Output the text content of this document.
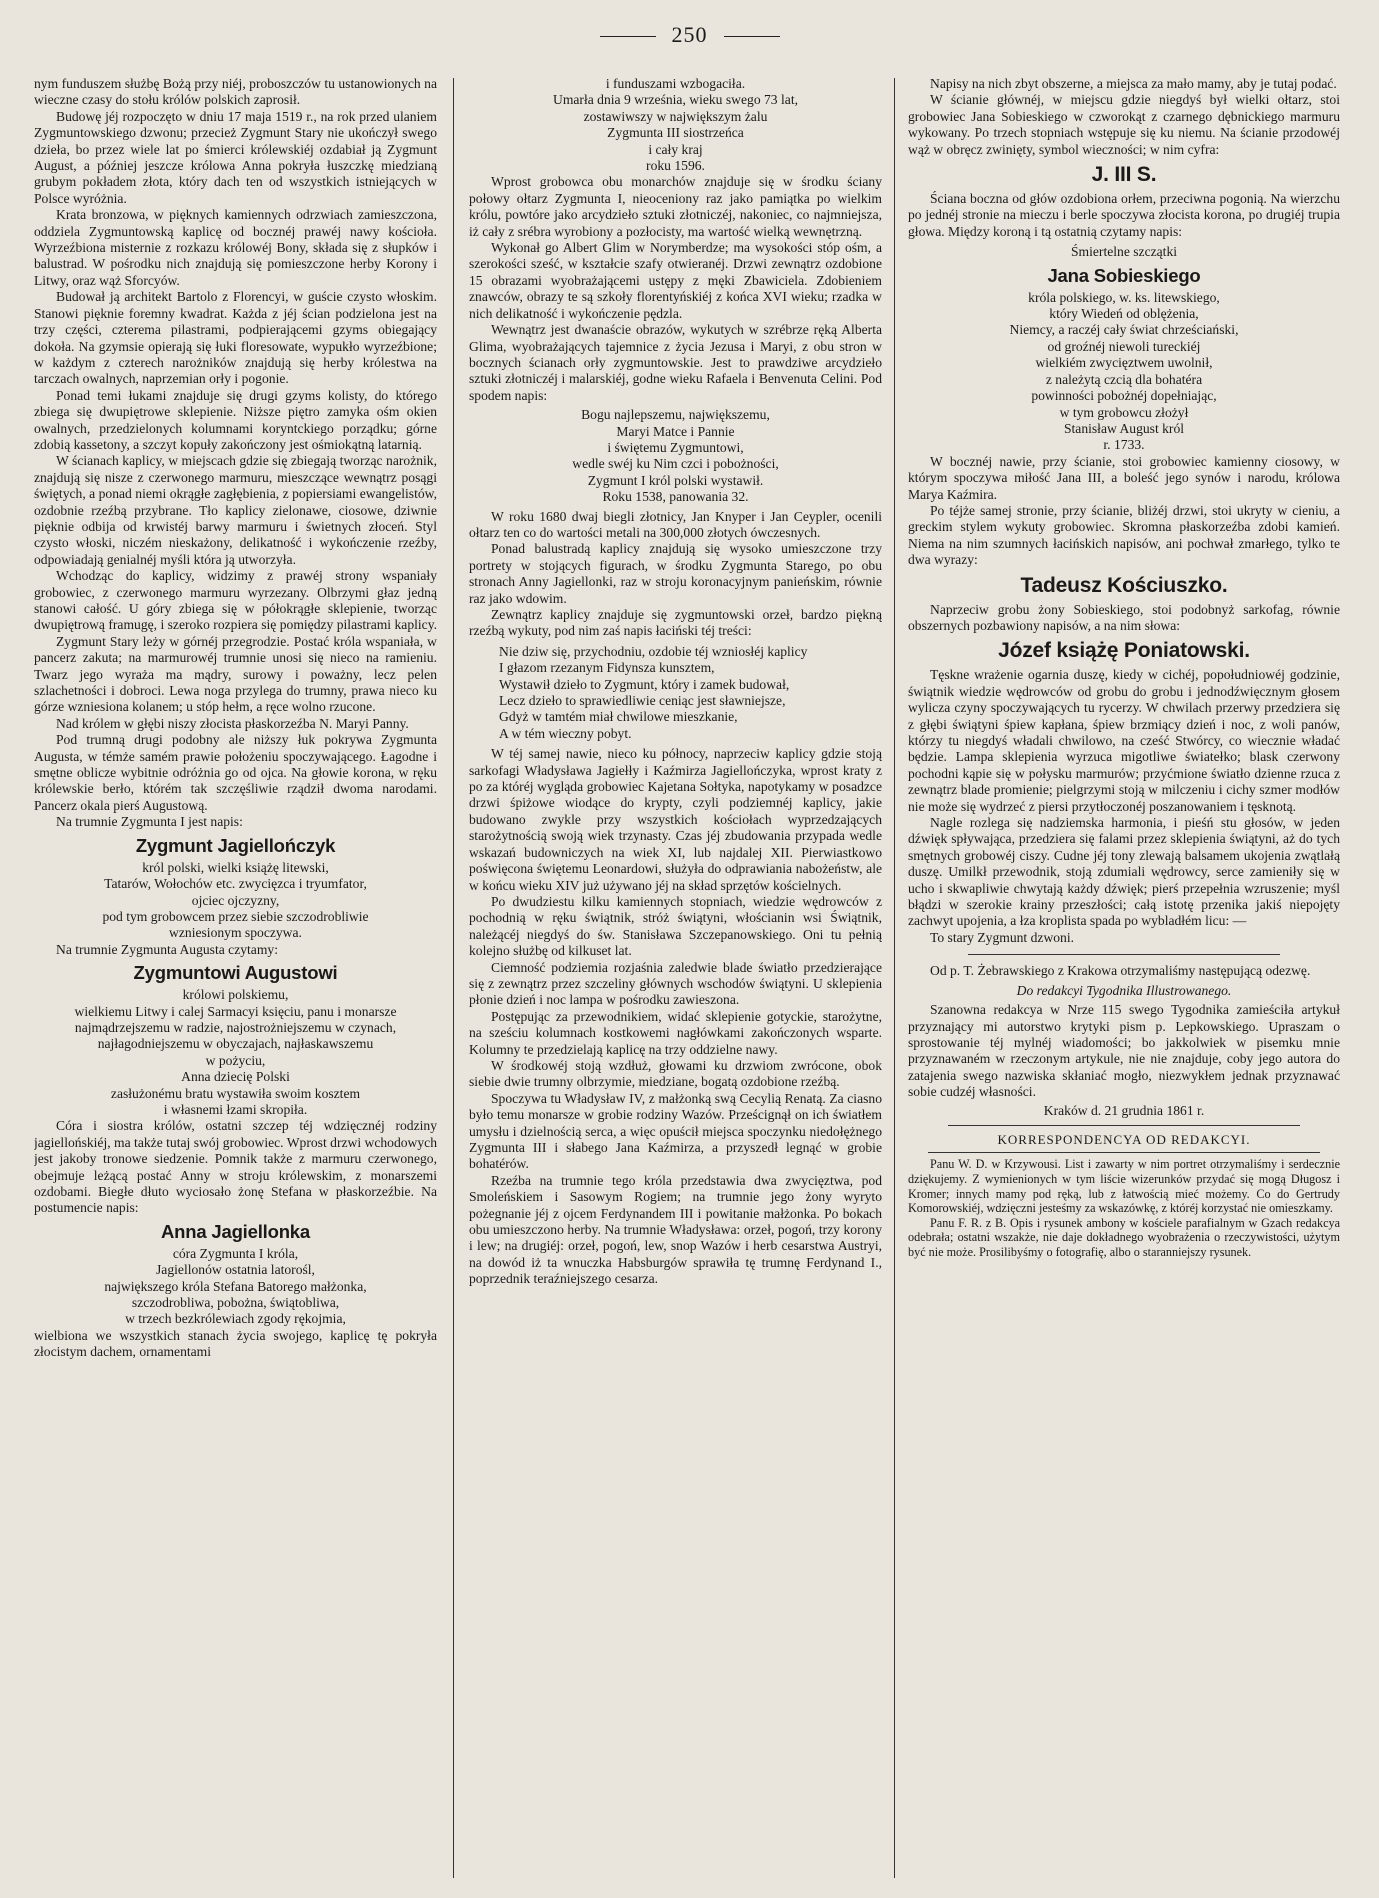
250

nym funduszem służbę Bożą przy niéj, proboszczów tu ustanowionych na wieczne czasy do stołu królów polskich zaprosił.

Budowę jéj rozpoczęto w dniu 17 maja 1519 r., na rok przed ulaniem Zygmuntowskiego dzwonu; przecież Zygmunt Stary nie ukończył swego dzieła, bo przez wiele lat po śmierci królewskiéj ozdabiał ją Zygmunt August, a później jeszcze królowa Anna pokryła łuszczkę miedzianą grubym pokładem złota, który dach ten od wszystkich istniejących w Polsce wyróżnia.

Krata bronzowa, w pięknych kamiennych odrzwiach zamieszczona, oddziela Zygmuntowską kaplicę od bocznéj prawéj nawy kościoła. Wyrzeźbiona misternie z rozkazu królowéj Bony, składa się z słupków i balustrad. W pośrodku nich znajdują się pomieszczone herby Korony i Litwy, oraz wąż Sforcyów.

Budował ją architekt Bartolo z Florencyi, w guście czysto włoskim. Stanowi pięknie foremny kwadrat. Każda z jéj ścian podzielona jest na trzy części, czterema pilastrami, podpierającemi gzyms obiegający dokoła. Na gzymsie opierają się łuki floresowate, wypukło wyrzeźbione; w każdym z czterech narożników znajdują się herby królestwa na tarczach owalnych, naprzemian orły i pogonie.

Ponad temi łukami znajduje się drugi gzyms kolisty, do którego zbiega się dwupiętrowe sklepienie. Niższe piętro zamyka ośm okien owalnych, przedzielonych kolumnami koryntckiego porządku; górne zdobią kassetony, a szczyt kopuły zakończony jest ośmiokątną latarnią.

W ścianach kaplicy, w miejscach gdzie się zbiegają tworząc narożnik, znajdują się nisze z czerwonego marmuru, mieszczące wewnątrz posągi świętych, a ponad niemi okrągłe zagłębienia, z popiersiami ewangelistów, ozdobnie rzeźbą przybrane. Tło kaplicy zielonawe, ciosowe, dziwnie pięknie odbija od krwistéj barwy marmuru i świetnych złoceń. Styl czysto włoski, niczém nieskażony, delikatność i wykończenie rzeźby, odpowiadają genialnéj myśli która ją utworzyła.

Wchodząc do kaplicy, widzimy z prawéj strony wspaniały grobowiec, z czerwonego marmuru wyrzezany. Olbrzymi głaz jedną stanowi całość. U góry zbiega się w półokrągłe sklepienie, tworząc dwupiętrową framugę, i szeroko rozpiera się pomiędzy pilastrami kaplicy.

Zygmunt Stary leży w górnéj przegrodzie. Postać króla wspaniała, w pancerz zakuta; na marmurowéj trumnie unosi się nieco na ramieniu. Twarz jego wyraża ma mądry, surowy i poważny, lecz pelen szlachetności i dobroci. Lewa noga przylega do trumny, prawa nieco ku górze wzniesiona kolanem; u stóp hełm, a ręce wolno rzucone.

Nad królem w głębi niszy złocista płaskorzeźba N. Maryi Panny.

Pod trumną drugi podobny ale niższy łuk pokrywa Zygmunta Augusta, w témże samém prawie położeniu spoczywającego. Łagodne i smętne oblicze wybitnie odróżnia go od ojca. Na głowie korona, w ręku królewskie berło, którém tak szczęśliwie rządził dwoma narodami. Pancerz okala pierś Augustową.

Na trumnie Zygmunta I jest napis:

Zygmunt Jagiellończyk
król polski, wielki książę litewski,
Tatarów, Wołochów etc. zwycięzca i tryumfator,
ojciec ojczyzny,
pod tym grobowcem przez siebie szczodrobliwie
wzniesionym spoczywa.

Na trumnie Zygmunta Augusta czytamy:

Zygmuntowi Augustowi
królowi polskiemu,
wielkiemu Litwy i calej Sarmacyi księciu, panu i monarsze
najmądrzejszemu w radzie, najostrożniejszemu w czynach,
najłagodniejszemu w obyczajach, najłaskawszemu
w pożyciu,
Anna dziecię Polski
zasłużonému bratu wystawiła swoim kosztem
i własnemi łzami skropiła.

Córa i siostra królów, ostatni szczep téj wdzięcznéj rodziny jagiellońskiéj, ma także tutaj swój grobowiec. Wprost drzwi wchodowych jest jakoby tronowe siedzenie. Pomnik także z marmuru czerwonego, obejmuje leżącą postać Anny w stroju królewskim, z monarszemi ozdobami. Biegłe dłuto wyciosało żonę Stefana w płaskorzeźbie. Na postumencie napis:

Anna Jagiellonka
córa Zygmunta I króla,
Jagiellonów ostatnia latorośl,
największego króla Stefana Batorego małżonka,
szczodrobliwa, pobożna, świątobliwa,
w trzech bezkrólewiach zgody rękojmia,

wielbiona we wszystkich stanach życia swojego, kaplicę tę pokryła złocistym dachem, ornamentami

i funduszami wzbogaciła.
Umarła dnia 9 września, wieku swego 73 lat,
zostawiwszy w największym żalu
Zygmunta III siostrzeńca
i cały kraj
roku 1596.

Wprost grobowca obu monarchów znajduje się w środku ściany połowy ołtarz Zygmunta I, nieoceniony raz jako pamiątka po wielkim królu, powtóre jako arcydzieło sztuki złotniczéj, nakoniec, co najmniejsza, iż cały z srébra wyrobiony a pozłocisty, ma wartość wielką wewnętrzną.

Wykonał go Albert Glim w Norymberdze; ma wysokości stóp ośm, a szerokości sześć, w kształcie szafy otwieranéj. Drzwi zewnątrz ozdobione 15 obrazami wyobrażającemi ustępy z męki Zbawiciela. Zdobieniem znawców, obrazy te są szkoły florentyńskiéj z końca XVI wieku; rzadka w nich delikatność i wykończenie pędzla.

Wewnątrz jest dwanaście obrazów, wykutych w szrébrze ręką Alberta Glima, wyobrażających tajemnice z życia Jezusa i Maryi, z obu stron w bocznych ścianach orły zygmuntowskie. Jest to prawdziwe arcydzieło sztuki złotniczéj i malarskiéj, godne wieku Rafaela i Benvenuta Celini. Pod spodem napis:

Bogu najlepszemu, największemu,
Maryi Matce i Pannie
i świętemu Zygmuntowi,
wedle swéj ku Nim czci i pobożności,
Zygmunt I król polski wystawił.
Roku 1538, panowania 32.

W roku 1680 dwaj biegli złotnicy, Jan Knyper i Jan Ceypler, ocenili ołtarz ten co do wartości metali na 300,000 złotych ówczesnych.

Ponad balustradą kaplicy znajdują się wysoko umieszczone trzy portrety w stojących figurach, w środku Zygmunta Starego, po obu stronach Anny Jagiellonki, raz w stroju koronacyjnym panieńskim, równie raz jako wdowim.

Zewnątrz kaplicy znajduje się zygmuntowski orzeł, bardzo piękną rzeźbą wykuty, pod nim zaś napis łaciński téj treści:

Nie dziw się, przychodniu, ozdobie téj wzniosłéj kaplicy
I głazom rzezanym Fidynsza kunsztem,
Wystawił dzieło to Zygmunt, który i zamek budował,
Lecz dzieło to sprawiedliwie ceniąc jest sławniejsze,
Gdyż w tamtém miał chwilowe mieszkanie,
A w tém wieczny pobyt.

W téj samej nawie, nieco ku północy, naprzeciw kaplicy gdzie stoją sarkofagi Władysława Jagiełły i Kaźmirza Jagiellończyka, wprost kraty z po za któréj wygląda grobowiec Kajetana Sołtyka, napotykamy w posadzce drzwi śpiżowe wiodące do krypty, czyli podziemnéj kaplicy, jakie budowano zwykle przy wszystkich kościołach wyprzedzających starożytnością swoją wiek trzynasty. Czas jéj zbudowania przypada wedle wskazań budowniczych na wiek XI, lub najdalej XII. Pierwiastkowo poświęcona świętemu Leonardowi, służyła do odprawiania nabożeństw, ale w końcu wieku XIV już używano jéj na skład sprzętów kościelnych.

Po dwudziestu kilku kamiennych stopniach, wiedzie wędrowców z pochodnią w ręku świątnik, stróż świątyni, włościanin wsi Świątnik, należącéj niegdyś do św. Stanisława Szczepanowskiego. Oni tu pełnią kolejno służbę od kilkuset lat.

Ciemność podziemia rozjaśnia zaledwie blade światło przedzierające się z zewnątrz przez szczeliny głównych wschodów świątyni. U sklepienia płonie dzień i noc lampa w pośrodku zawieszona.

Postępując za przewodnikiem, widać sklepienie gotyckie, starożytne, na sześciu kolumnach kostkowemi nagłówkami zakończonych wsparte. Kolumny te przedzielają kaplicę na trzy oddzielne nawy.

W środkowéj stoją wzdłuż, głowami ku drzwiom zwrócone, obok siebie dwie trumny olbrzymie, miedziane, bogatą ozdobione rzeźbą.

Spoczywa tu Władysław IV, z małżonką swą Cecylią Renatą. Za ciasno było temu monarsze w grobie rodziny Wazów. Prześcignął on ich światłem umysłu i dzielnością serca, a więc opuścił miejsca spoczynku niedołężnego Zygmunta III i słabego Jana Kaźmirza, a przyszedł legnąć w grobie bohatérów.

Rzeźba na trumnie tego króla przedstawia dwa zwycięztwa, pod Smoleńskiem i Sasowym Rogiem; na trumnie jego żony wyryto pożegnanie jéj z ojcem Ferdynandem III i powitanie małżonka. Po bokach obu umieszczono herby. Na trumnie Władysława: orzeł, pogoń, trzy korony i lew; na drugiéj: orzeł, pogoń, lew, snop Wazów i herb cesarstwa Austryi, na dowód iż ta wnuczka Habsburgów sprawiła tę trumnę Ferdynand I., poprzednik teraźniejszego cesarza.

Napisy na nich zbyt obszerne, a miejsca za mało mamy, aby je tutaj podać.

W ścianie głównéj, w miejscu gdzie niegdyś był wielki ołtarz, stoi grobowiec Jana Sobieskiego w czworokąt z czarnego dębnickiego marmuru wykowany. Po trzech stopniach wstępuje się ku niemu. Na ścianie przodowéj wąż w obręcz zwinięty, symbol wieczności; w nim cyfra:

J. III S.

Ściana boczna od głów ozdobiona orłem, przeciwna pogonią. Na wierzchu po jednéj stronie na mieczu i berle spoczywa złocista korona, po drugiéj trupia głowa. Między koroną i tą ostatnią czytamy napis:

Śmiertelne szczątki
Jana Sobieskiego
króla polskiego, w. ks. litewskiego,
który Wiedeń od oblężenia,
Niemcy, a raczéj cały świat chrześciański,
od groźnéj niewoli tureckiéj
wielkiém zwycięztwem uwolnił,
z należytą czcią dla bohatéra
powinności pobożnéj dopełniając,
w tym grobowcu złożył
Stanisław August król
r. 1733.

W bocznéj nawie, przy ścianie, stoi grobowiec kamienny ciosowy, w którym spoczywa miłość Jana III, a boleść jego synów i narodu, królowa Marya Kaźmira.

Po téjże samej stronie, przy ścianie, bliżéj drzwi, stoi ukryty w cieniu, a greckim stylem wykuty grobowiec. Skromna płaskorzeźba zdobi kamień. Niema na nim szumnych łacińskich napisów, ani pochwał zmarłego, tylko te dwa wyrazy:

Tadeusz Kościuszko.

Naprzeciw grobu żony Sobieskiego, stoi podobnyż sarkofag, równie obszernych pozbawiony napisów, a na nim słowa:

Józef książę Poniatowski.

Tęskne wrażenie ogarnia duszę, kiedy w cichéj, popołudniowéj godzinie, świątnik wiedzie wędrowców od grobu do grobu i jednodźwięcznym głosem wylicza czyny spoczywających tu rycerzy. W chwilach przerwy przedziera się z głębi świątyni śpiew kapłana, śpiew brzmiący dzień i noc, z woli panów, którzy tu niegdyś władali chwilowo, na cześć Stwórcy, co wiecznie władać będzie. Lampa sklepienia wyrzuca migotliwe światełko; blask czerwony pochodni kąpie się w połysku marmurów; przyćmione światło dzienne rzuca z zewnątrz blade promienie; pielgrzymi stoją w milczeniu i cichy szmer modłów nie może się wydrzeć z piersi przytłoczonéj poszanowaniem i tęsknotą.

Nagle rozlega się nadziemska harmonia, i pieśń stu głosów, w jeden dźwięk spływająca, przedziera się falami przez sklepienia świątyni, aż do tych smętnych grobowéj ciszy. Cudne jéj tony zlewają balsamem ukojenia zwątlałą duszę. Umilkł przewodnik, stoją zdumiali wędrowcy, serce zamieniły się w ucho i skwapliwie chwytają każdy dźwięk; pierś przepełnia wzruszenie; myśl błądzi w szerokie krainy przeszłości; całą istotę przenika jakiś niepojęty zachwyt upojenia, a łza kroplista spada po wybladłém licu: —

To stary Zygmunt dzwoni.

Od p. T. Żebrawskiego z Krakowa otrzymaliśmy następującą odezwę.

Do redakcyi Tygodnika Illustrowanego.

Szanowna redakcya w Nrze 115 swego Tygodnika zamieściła artykuł przyznający mi autorstwo krytyki pism p. Lepkowskiego. Upraszam o sprostowanie téj mylnéj wiadomości; bo jakkolwiek w pisemku mnie przyznawaném w rzeczonym artykule, nie nie znajduje, coby jego autora do zatajenia swego nazwiska skłaniać mogło, niezwykłem jednak przyznawać sobie cudzéj własności.

Kraków d. 21 grudnia 1861 r.
KORRESPONDENCYA OD REDAKCYI.

Panu W. D. w Krzywousi. List i zawarty w nim portret otrzymaliśmy i serdecznie dziękujemy. Z wymienionych w tym liście wizerunków przydać się mogą Długosz i Kromer; innych mamy pod ręką, lub z łatwością mieć możemy. Co do Gertrudy Komorowskiéj, wdzięczni jesteśmy za wskazówkę, z któréj korzystać nie omieszkamy.

Panu F. R. z B. Opis i rysunek ambony w kościele parafialnym w Gzach redakcya odebrała; ostatni wszakże, nie daje dokładnego wyobrażenia o rzeczywistości, użytym być nie może. Prosilibyśmy o fotografię, albo o staranniejszy rysunek.
